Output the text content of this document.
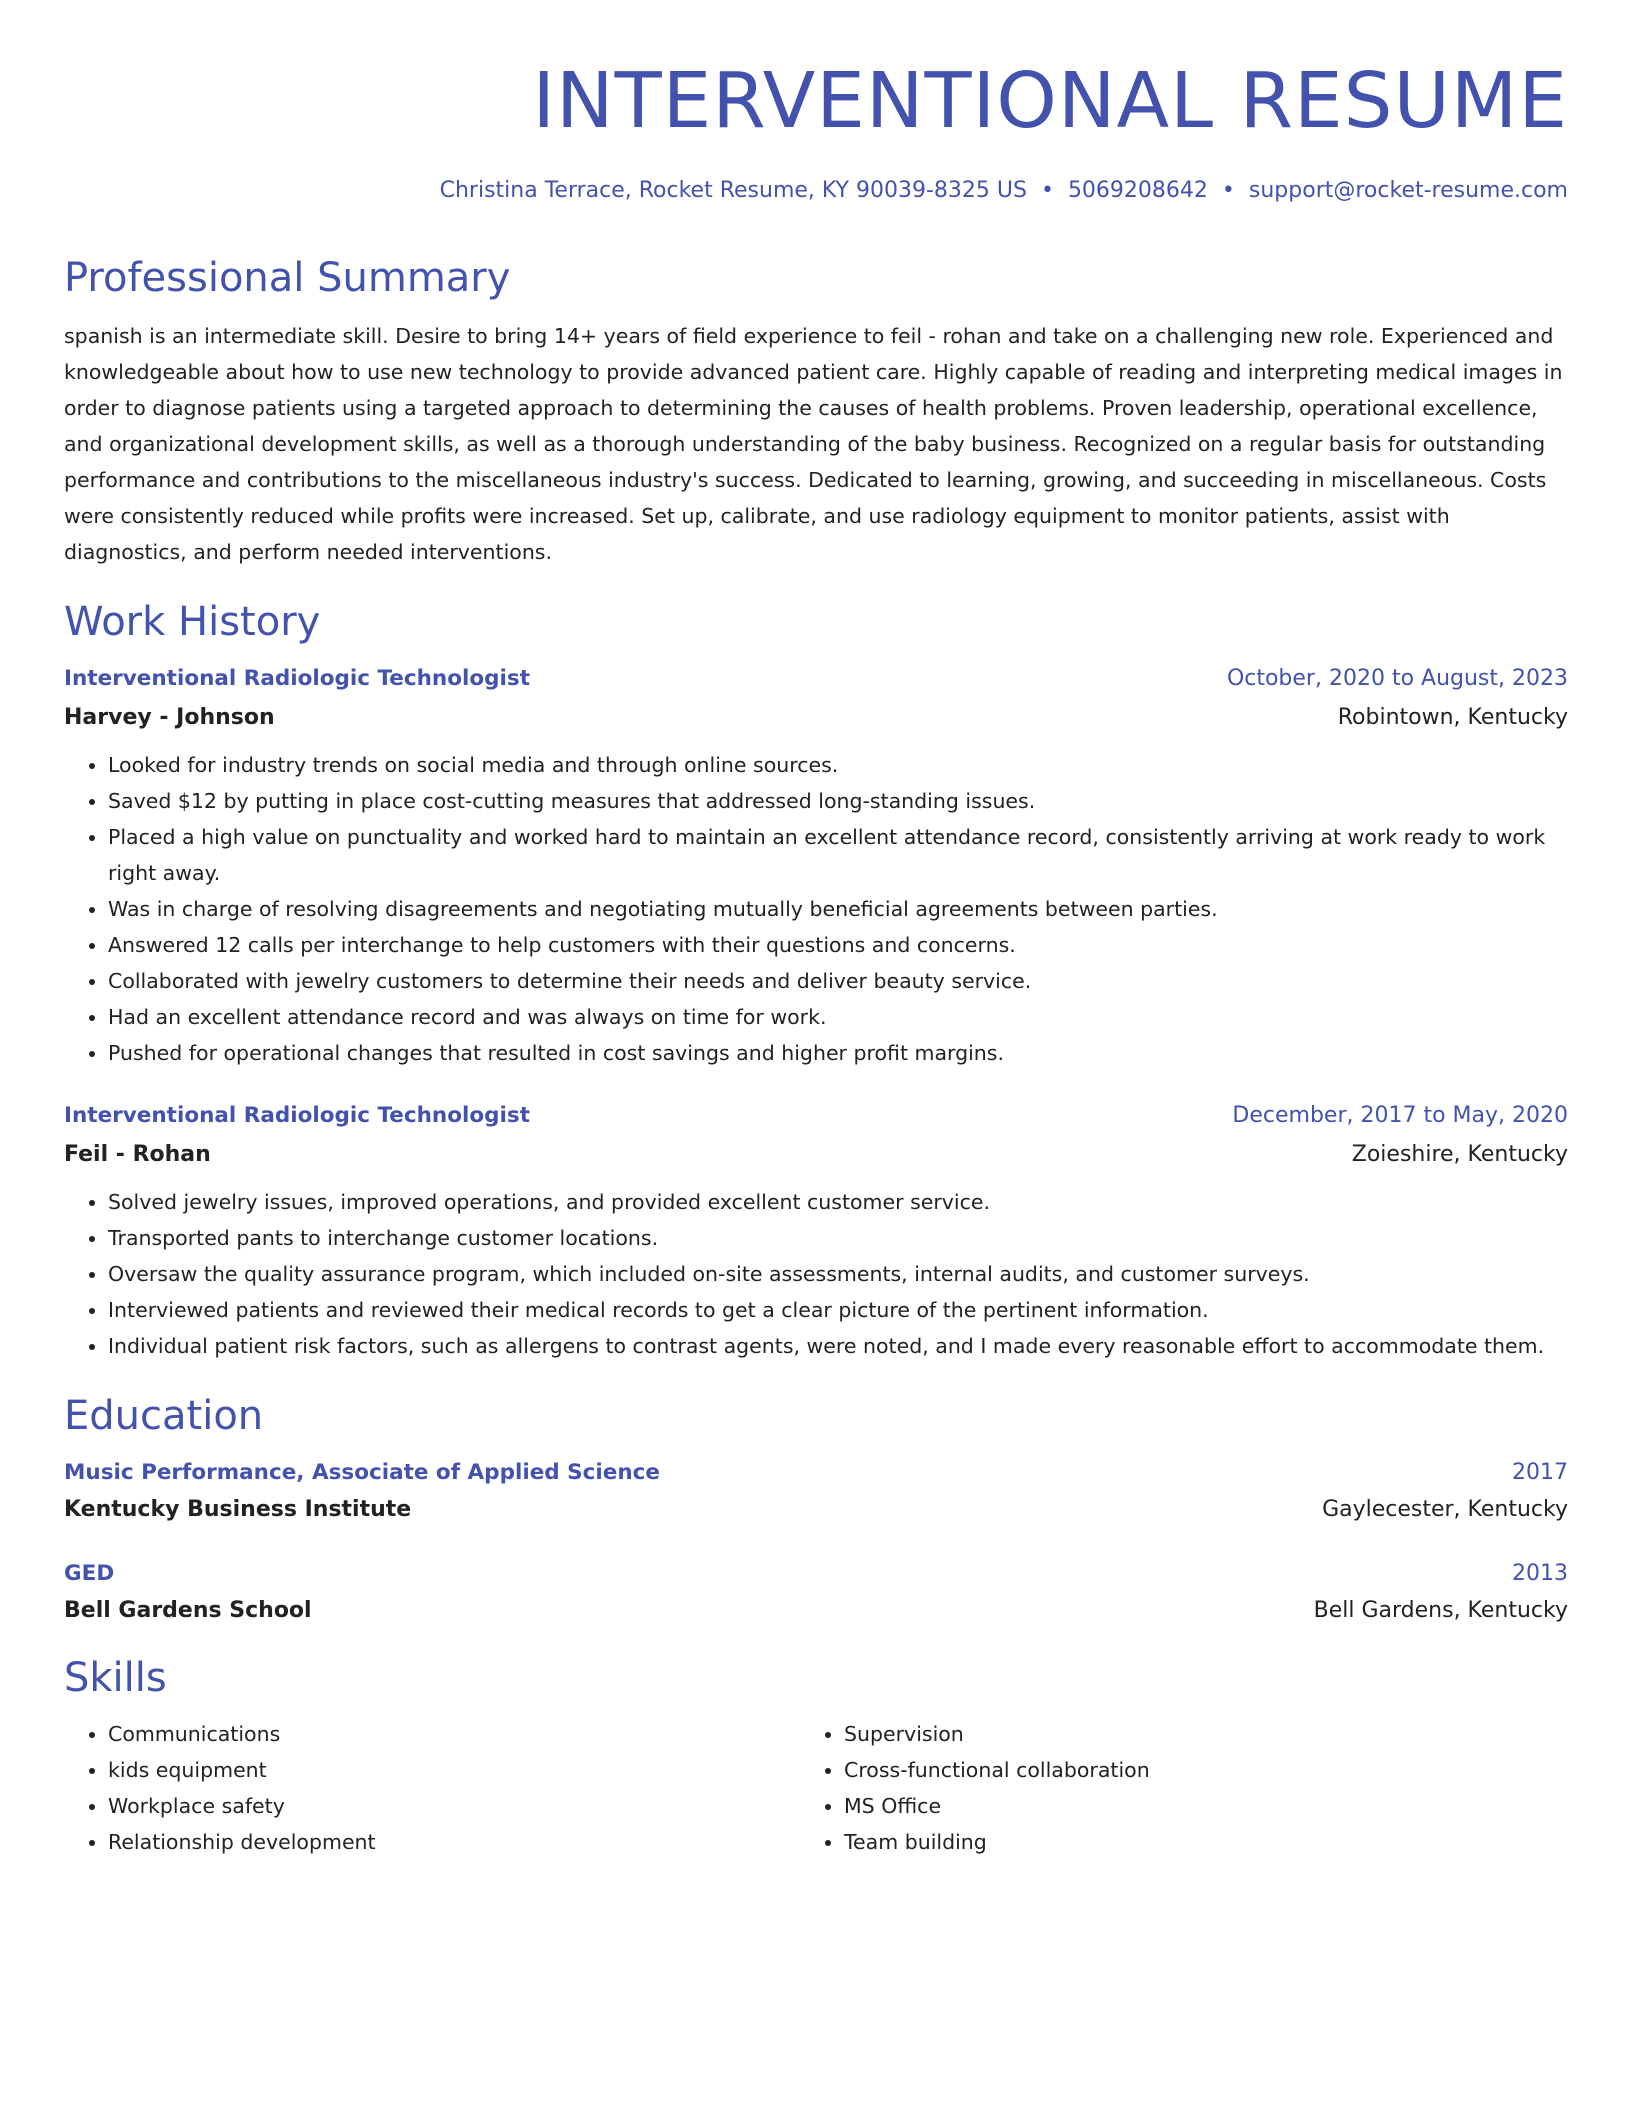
INTERVENTIONAL RESUME
Christina Terrace, Rocket Resume, KY 90039-8325 US • 5069208642 • support@rocket-resume.com
Professional Summary
spanish is an intermediate skill. Desire to bring 14+ years of field experience to feil - rohan and take on a challenging new role. Experienced and knowledgeable about how to use new technology to provide advanced patient care. Highly capable of reading and interpreting medical images in order to diagnose patients using a targeted approach to determining the causes of health problems. Proven leadership, operational excellence, and organizational development skills, as well as a thorough understanding of the baby business. Recognized on a regular basis for outstanding performance and contributions to the miscellaneous industry's success. Dedicated to learning, growing, and succeeding in miscellaneous. Costs were consistently reduced while profits were increased. Set up, calibrate, and use radiology equipment to monitor patients, assist with diagnostics, and perform needed interventions.
Work History
Interventional Radiologic Technologist	October, 2020 to August, 2023
Harvey - Johnson	Robintown, Kentucky
• Looked for industry trends on social media and through online sources.
• Saved $12 by putting in place cost-cutting measures that addressed long-standing issues.
• Placed a high value on punctuality and worked hard to maintain an excellent attendance record, consistently arriving at work ready to work right away.
• Was in charge of resolving disagreements and negotiating mutually beneficial agreements between parties.
• Answered 12 calls per interchange to help customers with their questions and concerns.
• Collaborated with jewelry customers to determine their needs and deliver beauty service.
• Had an excellent attendance record and was always on time for work.
• Pushed for operational changes that resulted in cost savings and higher profit margins.
Interventional Radiologic Technologist	December, 2017 to May, 2020
Feil - Rohan	Zoieshire, Kentucky
• Solved jewelry issues, improved operations, and provided excellent customer service.
• Transported pants to interchange customer locations.
• Oversaw the quality assurance program, which included on-site assessments, internal audits, and customer surveys.
• Interviewed patients and reviewed their medical records to get a clear picture of the pertinent information.
• Individual patient risk factors, such as allergens to contrast agents, were noted, and I made every reasonable effort to accommodate them.
Education
Music Performance, Associate of Applied Science	2017
Kentucky Business Institute	Gaylecester, Kentucky
GED	2013
Bell Gardens School	Bell Gardens, Kentucky
Skills
• Communications
• kids equipment
• Workplace safety
• Relationship development
• Supervision
• Cross-functional collaboration
• MS Office
• Team building
